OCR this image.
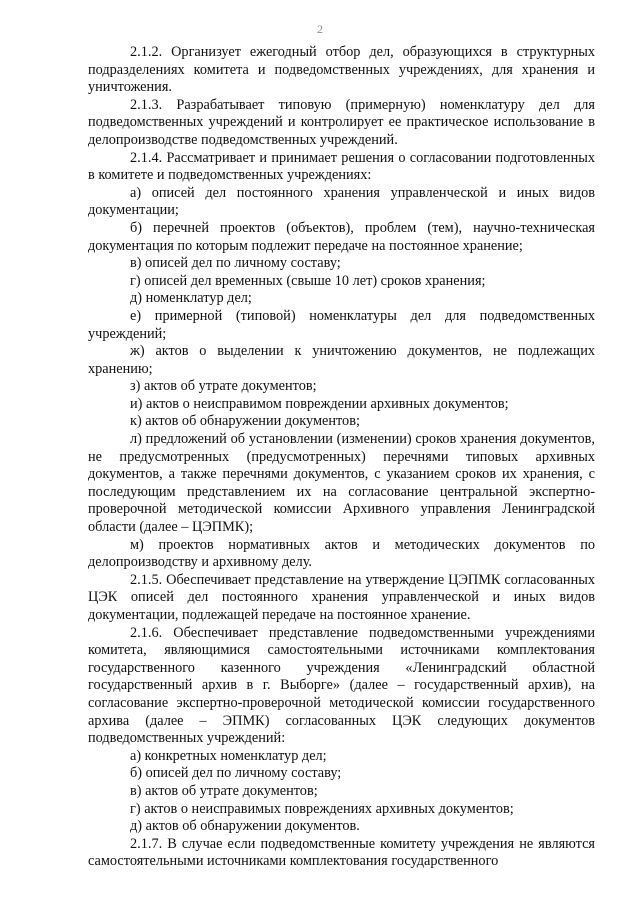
2

2.1.2. Организует ежегодный отбор дел, образующихся в структурных подразделениях комитета и подведомственных учреждениях, для хранения и уничтожения.

2.1.3. Разрабатывает типовую (примерную) номенклатуру дел для подведомственных учреждений и контролирует ее практическое использование в делопроизводстве подведомственных учреждений.

2.1.4. Рассматривает и принимает решения о согласовании подготовленных в комитете и подведомственных учреждениях:

а) описей дел постоянного хранения управленческой и иных видов документации;

б) перечней проектов (объектов), проблем (тем), научно-техническая документация по которым подлежит передаче на постоянное хранение;

в) описей дел по личному составу;

г) описей дел временных (свыше 10 лет) сроков хранения;

д) номенклатур дел;

е) примерной (типовой) номенклатуры дел для подведомственных учреждений;

ж) актов о выделении к уничтожению документов, не подлежащих хранению;

з) актов об утрате документов;

и) актов о неисправимом повреждении архивных документов;

к) актов об обнаружении документов;

л) предложений об установлении (изменении) сроков хранения документов, не предусмотренных (предусмотренных) перечнями типовых архивных документов, а также перечнями документов, с указанием сроков их хранения, с последующим представлением их на согласование центральной экспертно-проверочной методической комиссии Архивного управления Ленинградской области (далее – ЦЭПМК);

м) проектов нормативных актов и методических документов по делопроизводству и архивному делу.

2.1.5. Обеспечивает представление на утверждение ЦЭПМК согласованных ЦЭК описей дел постоянного хранения управленческой и иных видов документации, подлежащей передаче на постоянное хранение.

2.1.6. Обеспечивает представление подведомственными учреждениями комитета, являющимися самостоятельными источниками комплектования государственного казенного учреждения «Ленинградский областной государственный архив в г. Выборге» (далее – государственный архив), на согласование экспертно-проверочной методической комиссии государственного архива (далее – ЭПМК) согласованных ЦЭК следующих документов подведомственных учреждений:

а) конкретных номенклатур дел;

б) описей дел по личному составу;

в) актов об утрате документов;

г) актов о неисправимых повреждениях архивных документов;

д) актов об обнаружении документов.

2.1.7. В случае если подведомственные комитету учреждения не являются самостоятельными источниками комплектования государственного
